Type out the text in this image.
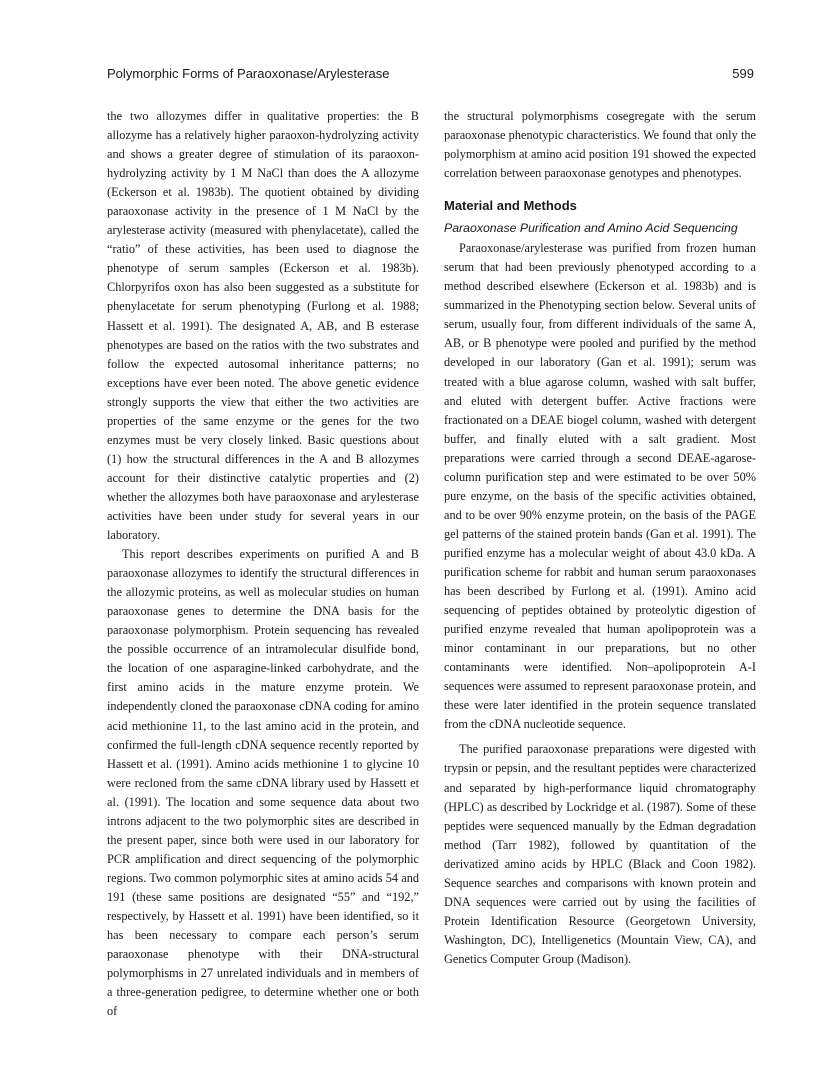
Polymorphic Forms of Paraoxonase/Arylesterase	599

the two allozymes differ in qualitative properties: the B allozyme has a relatively higher paraoxon-hydrolyzing activity and shows a greater degree of stimulation of its paraoxon-hydrolyzing activity by 1 M NaCl than does the A allozyme (Eckerson et al. 1983b). The quotient obtained by dividing paraoxonase activity in the presence of 1 M NaCl by the arylesterase activity (measured with phenylacetate), called the “ratio” of these activities, has been used to diagnose the phenotype of serum samples (Eckerson et al. 1983b). Chlorpyrifos oxon has also been suggested as a substitute for phenylacetate for serum phenotyping (Furlong et al. 1988; Hassett et al. 1991). The designated A, AB, and B esterase phenotypes are based on the ratios with the two substrates and follow the expected autosomal inheritance patterns; no exceptions have ever been noted. The above genetic evidence strongly supports the view that either the two activities are properties of the same enzyme or the genes for the two enzymes must be very closely linked. Basic questions about (1) how the structural differences in the A and B allozymes account for their distinctive catalytic properties and (2) whether the allozymes both have paraoxonase and arylesterase activities have been under study for several years in our laboratory.

This report describes experiments on purified A and B paraoxonase allozymes to identify the structural differences in the allozymic proteins, as well as molecular studies on human paraoxonase genes to determine the DNA basis for the paraoxonase polymorphism. Protein sequencing has revealed the possible occurrence of an intramolecular disulfide bond, the location of one asparagine-linked carbohydrate, and the first amino acids in the mature enzyme protein. We independently cloned the paraoxonase cDNA coding for amino acid methionine 11, to the last amino acid in the protein, and confirmed the full-length cDNA sequence recently reported by Hassett et al. (1991). Amino acids methionine 1 to glycine 10 were recloned from the same cDNA library used by Hassett et al. (1991). The location and some sequence data about two introns adjacent to the two polymorphic sites are described in the present paper, since both were used in our laboratory for PCR amplification and direct sequencing of the polymorphic regions. Two common polymorphic sites at amino acids 54 and 191 (these same positions are designated “55” and “192,” respectively, by Hassett et al. 1991) have been identified, so it has been necessary to compare each person’s serum paraoxonase phenotype with their DNA-structural polymorphisms in 27 unrelated individuals and in members of a three-generation pedigree, to determine whether one or both of

the structural polymorphisms cosegregate with the serum paraoxonase phenotypic characteristics. We found that only the polymorphism at amino acid position 191 showed the expected correlation between paraoxonase genotypes and phenotypes.

Material and Methods
Paraoxonase Purification and Amino Acid Sequencing

Paraoxonase/arylesterase was purified from frozen human serum that had been previously phenotyped according to a method described elsewhere (Eckerson et al. 1983b) and is summarized in the Phenotyping section below. Several units of serum, usually four, from different individuals of the same A, AB, or B phenotype were pooled and purified by the method developed in our laboratory (Gan et al. 1991); serum was treated with a blue agarose column, washed with salt buffer, and eluted with detergent buffer. Active fractions were fractionated on a DEAE biogel column, washed with detergent buffer, and finally eluted with a salt gradient. Most preparations were carried through a second DEAE-agarose-column purification step and were estimated to be over 50% pure enzyme, on the basis of the specific activities obtained, and to be over 90% enzyme protein, on the basis of the PAGE gel patterns of the stained protein bands (Gan et al. 1991). The purified enzyme has a molecular weight of about 43.0 kDa. A purification scheme for rabbit and human serum paraoxonases has been described by Furlong et al. (1991). Amino acid sequencing of peptides obtained by proteolytic digestion of purified enzyme revealed that human apolipoprotein was a minor contaminant in our preparations, but no other contaminants were identified. Non–apolipoprotein A-I sequences were assumed to represent paraoxonase protein, and these were later identified in the protein sequence translated from the cDNA nucleotide sequence.

The purified paraoxonase preparations were digested with trypsin or pepsin, and the resultant peptides were characterized and separated by high-performance liquid chromatography (HPLC) as described by Lockridge et al. (1987). Some of these peptides were sequenced manually by the Edman degradation method (Tarr 1982), followed by quantitation of the derivatized amino acids by HPLC (Black and Coon 1982). Sequence searches and comparisons with known protein and DNA sequences were carried out by using the facilities of Protein Identification Resource (Georgetown University, Washington, DC), Intelligenetics (Mountain View, CA), and Genetics Computer Group (Madison).
